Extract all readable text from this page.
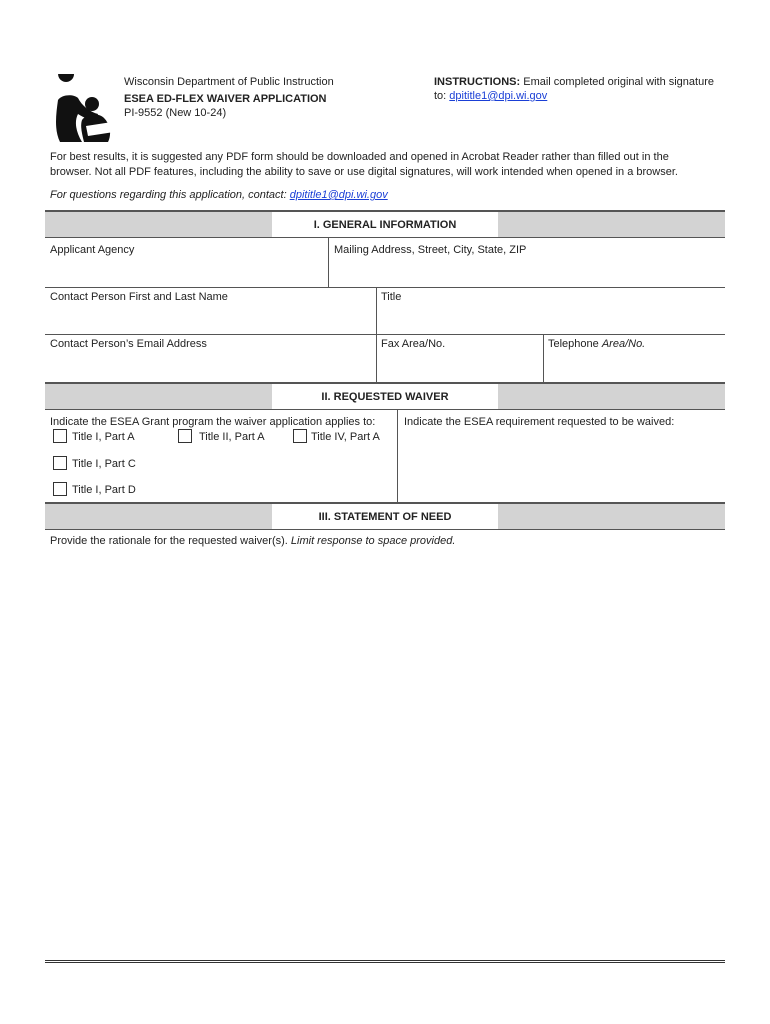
Wisconsin Department of Public Instruction
ESEA ED-FLEX WAIVER APPLICATION
PI-9552 (New 10-24)
INSTRUCTIONS: Email completed original with signature
to: dpititle1@dpi.wi.gov
For best results, it is suggested any PDF form should be downloaded and opened in Acrobat Reader rather than filled out in the
browser. Not all PDF features, including the ability to save or use digital signatures, will work intended when opened in a browser.
For questions regarding this application, contact: dpititle1@dpi.wi.gov
I. GENERAL INFORMATION
Applicant Agency	Mailing Address, Street, City, State, ZIP
Contact Person First and Last Name	Title
Contact Person’s Email Address	Fax Area/No.	Telephone Area/No.
II. REQUESTED WAIVER
Indicate the ESEA Grant program the waiver application applies to:	Indicate the ESEA requirement requested to be waived:
Title I, Part A	Title II, Part A	Title IV, Part A
Title I, Part C
Title I, Part D
III. STATEMENT OF NEED
Provide the rationale for the requested waiver(s). Limit response to space provided.
